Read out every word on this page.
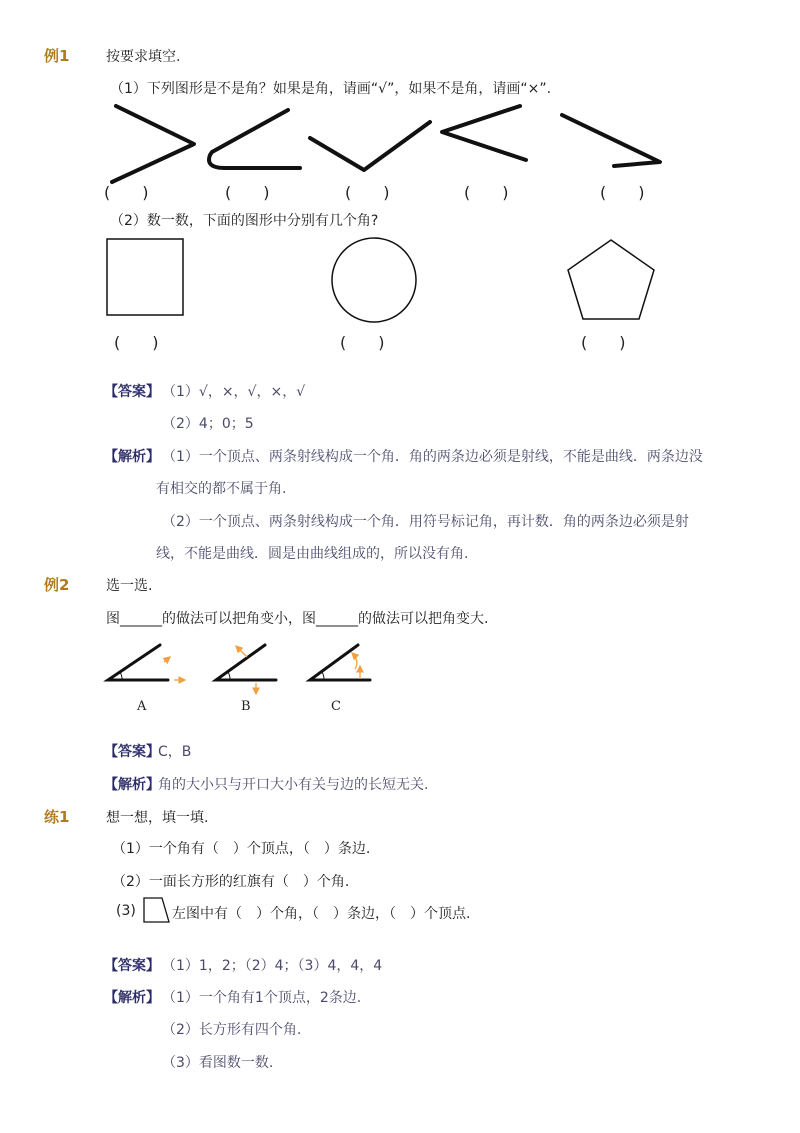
例1	按要求填空.
（1）下列图形是不是角？如果是角，请画“√”，如果不是角，请画“×”.
(　　)	(　　)	(　　)	(　　)	(　　)
（2）数一数，下面的图形中分别有几个角?
(　　)	(　　)	(　　)
【答案】 （1）√，×，√，×，√
（2）4；0；5
【解析】 （1）一个顶点、两条射线构成一个角．角的两条边必须是射线，不能是曲线．两条边没
有相交的都不属于角.
（2）一个顶点、两条射线构成一个角．用符号标记角，再计数．角的两条边必须是射
线，不能是曲线．圆是由曲线组成的，所以没有角.
例2	选一选.
图______的做法可以把角变小，图______的做法可以把角变大.
A	B	C
【答案】
C，B
【解析】
角的大小只与开口大小有关与边的长短无关.
练1	想一想，填一填.
（1）一个角有（　）个顶点，（　）条边.
（2）一面长方形的红旗有（　）个角.
(3)	左图中有（　）个角，（　）条边，（　）个顶点.
【答案】 （1）1，2；（2）4；（3）4，4，4
【解析】 （1）一个角有1个顶点，2条边.
（2）长方形有四个角.
（3）看图数一数.
